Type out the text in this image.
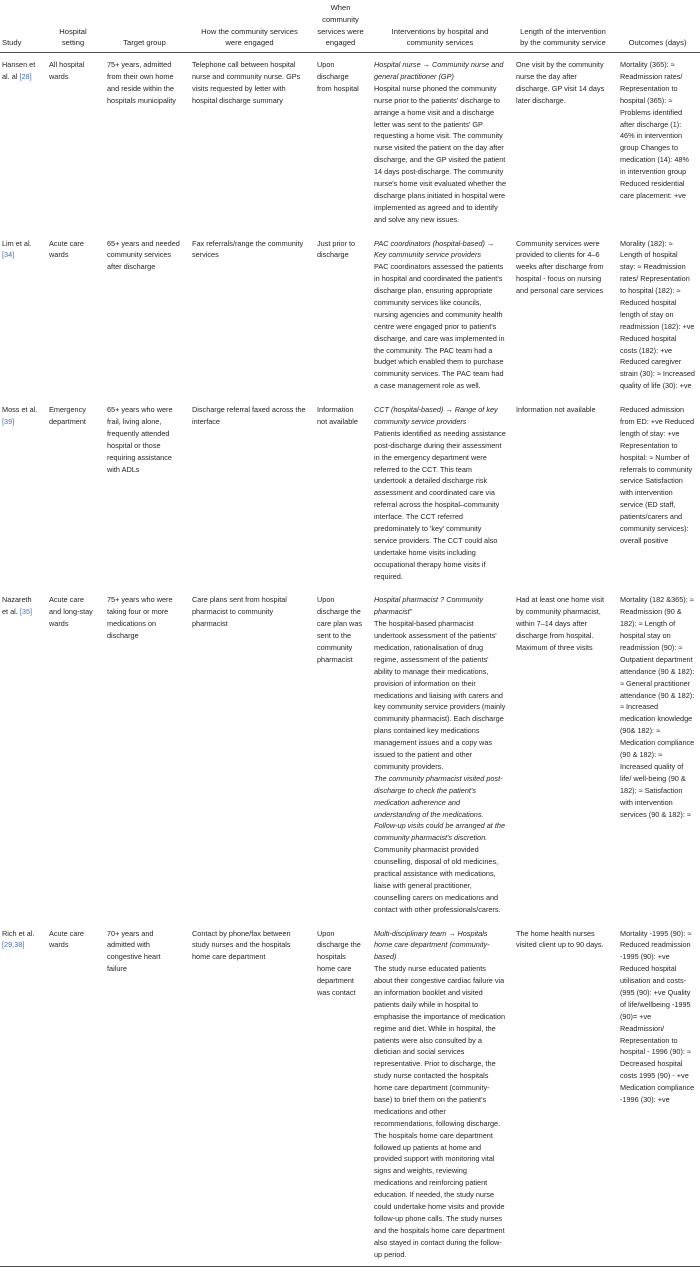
Study	Hospital setting	Target group	How the community services were engaged	When community services were engaged	Interventions by hospital and community services	Length of the intervention by the community service	Outcomes (days)
Hansen et al. al [28]	All hospital wards	75+ years, admitted from their own home and reside within the hospitals municipality	Telephone call between hospital nurse and community nurse. GPs visits requested by letter with hospital discharge summary	Upon discharge from hospital	
Hospital nurse → Community nurse and general practitioner (GP)
Hospital nurse phoned the community nurse prior to the patients' discharge to arrange a home visit and a discharge letter was sent to the patients' GP requesting a home visit. The community nurse visited the patient on the day after discharge, and the GP visited the patient 14 days post-discharge. The community nurse's home visit evaluated whether the discharge plans initiated in hospital were implemented as agreed and to identify and solve any new issues.	One visit by the community nurse the day after discharge. GP visit 14 days later discharge.	Mortality (365): ≈ Readmission rates/ Representation to hospital (365): ≈ Problems identified after discharge (1): 46% in intervention group Changes to medication (14): 48% in intervention group Reduced residential care placement: +ve
Lim et al. [34]	Acute care wards	65+ years and needed community services after discharge	Fax referrals/range the community services	Just prior to discharge	
PAC coordinators (hospital-based) → Key community service providers
PAC coordinators assessed the patients in hospital and coordinated the patient's discharge plan, ensuring appropriate community services like councils, nursing agencies and community health centre were engaged prior to patient's discharge, and care was implemented in the community. The PAC team had a budget which enabled them to purchase community services. The PAC team had a case management role as well.	Community services were provided to clients for 4–6 weeks after discharge from hospital - focus on nursing and personal care services	Morality (182): ≈ Length of hospital stay: ≈ Readmission rates/ Representation to hospital (182): ≈ Reduced hospital length of stay on readmission (182): +ve Reduced hospital costs (182): +ve Reduced caregiver strain (30): ≈ Increased quality of life (30): +ve
Moss et al. [39]	Emergency department	65+ years who were frail, living alone, frequently attended hospital or those requiring assistance with ADLs	Discharge referral faxed across the interface	Information not available	
CCT (hospital-based) → Range of key community service providers
Patients identified as needing assistance post-discharge during their assessment in the emergency department were referred to the CCT. This team undertook a detailed discharge risk assessment and coordinated care via referral across the hospital–community interface. The CCT referred predominately to 'key' community service providers. The CCT could also undertake home visits including occupational therapy home visits if required.	Information not available	Reduced admission from ED: +ve Reduced length of stay: +ve Representation to hospital: ≈ Number of referrals to community service Satisfaction with intervention service (ED staff, patients/carers and community services): overall positive
Nazareth et al. [35]	Acute care and long-stay wards	75+ years who were taking four or more medications on discharge	Care plans sent from hospital pharmacist to community pharmacist	Upon discharge the care plan was sent to the community pharmacist	
Hospital pharmacist ? Community pharmacist”
The hospital-based pharmacist undertook assessment of the patients' medication, rationalisation of drug regime, assessment of the patients' ability to manage their medications, provision of information on their medications and liaising with carers and key community service providers (mainly community pharmacist). Each discharge plans contained key medications management issues and a copy was issued to the patient and other community providers.
The community pharmacist visited post-discharge to check the patient's medication adherence and understanding of the medications. Follow-up visits could be arranged at the community pharmacist's discretion.
Community pharmacist provided counselling, disposal of old medicines, practical assistance with medications, liaise with general practitioner, counselling carers on medications and contact with other professionals/carers.	Had at least one home visit by community pharmacist, within 7–14 days after discharge from hospital. Maximum of three visits	Mortality (182 &365): ≈ Readmission (90 & 182): ≈ Length of hospital stay on readmission (90): ≈ Outpatient department attendance (90 & 182): ≈ General practitioner attendance (90 & 182): ≈ Increased medication knowledge (90& 182): ≈ Medication compliance (90 & 182): ≈ Increased quality of life/ well-being (90 & 182): ≈ Satisfaction with intervention services (90 & 182): ≈
Rich et al. [29,38]	Acute care wards	70+ years and admitted with congestive heart failure	Contact by phone/fax between study nurses and the hospitals home care department	Upon discharge the hospitals home care department was contact	
Multi-disciplinary team → Hospitals home care department (community-based)
The study nurse educated patients about their congestive cardiac failure via an information booklet and visited patients daily while in hospital to emphasise the importance of medication regime and diet. While in hospital, the patients were also consulted by a dietician and social services representative. Prior to discharge, the study nurse contacted the hospitals home care department (community-base) to brief them on the patient's medications and other recommendations, following discharge. The hospitals home care department followed up patients at home and provided support with monitoring vital signs and weights, reviewing medications and reinforcing patient education. If needed, the study nurse could undertake home visits and provide follow-up phone calls. The study nurses and the hospitals home care department also stayed in contact during the follow-up period.	The home health nurses visited client up to 90 days.	Mortality -1995 (90): ≈ Reduced readmission -1995 (90): +ve Reduced hospital utilisation and costs-(995 (90): +ve Quality of life/wellbeing -1995 (90)= +ve Readmission/ Representation to hospital - 1996 (90): ≈ Decreased hospital costs 1995 (90) - +ve Medication compliance -1996 (30): +ve
